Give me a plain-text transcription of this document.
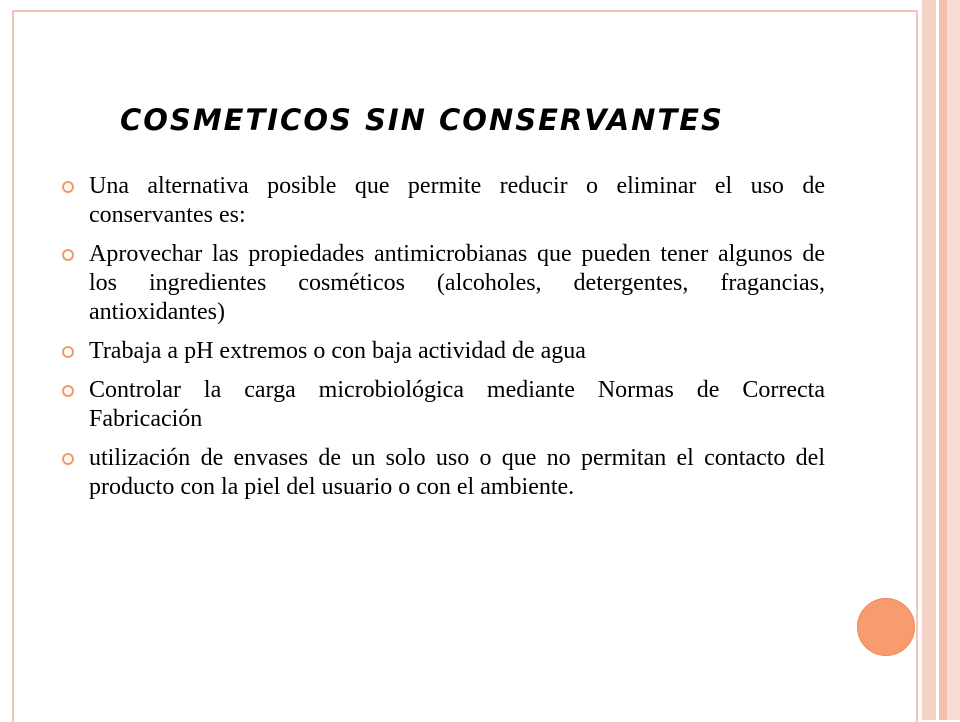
COSMETICOS SIN CONSERVANTES
Una alternativa posible que permite reducir o eliminar el uso de conservantes es:
Aprovechar las propiedades antimicrobianas que pueden tener algunos de los ingredientes cosméticos (alcoholes, detergentes, fragancias, antioxidantes)
Trabaja a pH extremos o con baja actividad de agua
Controlar la carga microbiológica mediante Normas de Correcta Fabricación
utilización de envases de un solo uso o que no permitan el contacto del producto con la piel del usuario o con el ambiente.
